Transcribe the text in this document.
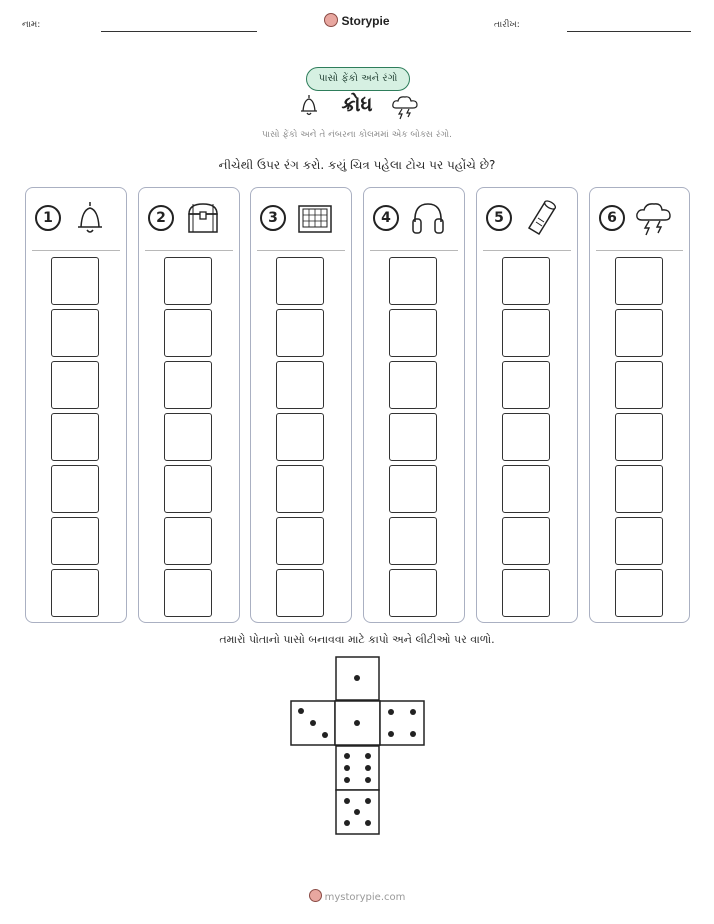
નામ:	Storypie	તારીખ:
પાસો ફેંકો અને રંગો
ક્રોધ
પાસો ફેંકો અને તે નંબરના કોલમમાં એક બોક્સ રંગો.
નીચેથી ઉપર રંગ કરો. કયું ચિત્ર પહેલા ટોચ પર પહોંચે છે?
1	2	3	4	5	6
તમારો પોતાનો પાસો બનાવવા માટે કાપો અને લીટીઓ પર વાળો.
mystorypie.com
